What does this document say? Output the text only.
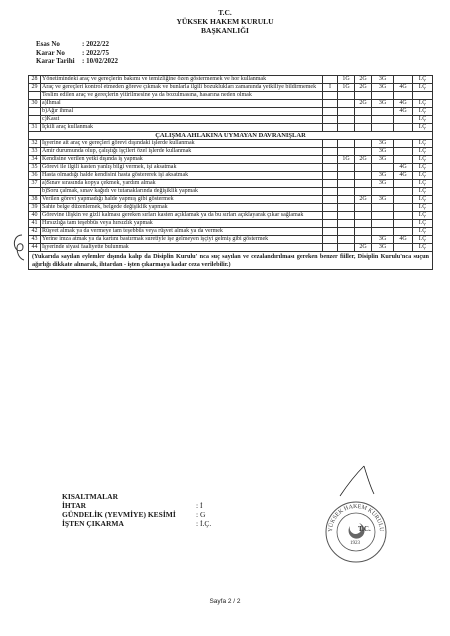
T.C.
YÜKSEK HAKEM KURULU
BAŞKANLIĞI
Esas No	: 2022/22
Karar No	: 2022/75
Karar Tarihi	: 10/02/2022
28	Yönetimindeki araç ve gereçlerin bakımı ve temizliğine özen göstermemek ve hor kullanmak		1G	2G	3G		İ.Ç
29	Araç ve gereçleri kontrol etmeden göreve çıkmak ve bunlarla ilgili bozuklukları zamanında yetkiliye bildirmemek	İ	1G	2G	3G	4G	İ.Ç
	Teslim edilen araç ve gereçlerin yitirilmesine ya da bozulmasına, hasarına neden olmak						
30	a)İhmal			2G	3G	4G	İ.Ç
	b)Ağır ihmal					4G	İ.Ç
	c)Kasıt						İ.Ç
31	İçkili araç kullanmak						İ.Ç
ÇALIŞMA AHLAKINA UYMAYAN DAVRANIŞLAR							
32	İşyerine ait araç ve gereçleri görevi dışındaki işlerde kullanmak				3G		İ.Ç
33	Amir durumunda olup, çalıştığı işçileri özel işlerde kullanmak				3G		İ.Ç
34	Kendisine verilen yetki dışında iş yapmak		1G	2G	3G		İ.Ç
35	Görevi ile ilgili kasten yanlış bilgi vermek, işi aksatmak					4G	İ.Ç
36	Hasta olmadığı halde kendisini hasta göstererek işi aksatmak				3G	4G	İ.Ç
37	a)Sınav sırasında kopya çekmek, yardım almak				3G		İ.Ç
	b)Soru çalmak, sınav kağıdı ve tutanaklarında değişiklik yapmak						İ.Ç
38	Verilen görevi yapmadığı halde yapmış gibi göstermek			2G	3G		İ.Ç
39	Sahte belge düzenlemek, belgede değişiklik yapmak						İ.Ç
40	Görevine ilişkin ve gizli kalması gereken sırları kasten açıklamak ya da bu sırları açıklayarak çıkar sağlamak						İ.Ç
41	Hırsızlığa tam teşebbüs veya hırsızlık yapmak						İ.Ç
42	Rüşvet almak ya da vermeye tam teşebbüs veya rüşvet almak ya da vermek						İ.Ç
43	Yerine imza atmak ya da kartını bastırmak suretiyle işe gelmeyen işçiyi gelmiş gibi göstermek				3G	4G	İ.Ç
44	İşyerinde siyasi faaliyette bulunmak			2G	3G		İ.Ç
(Yukarıda sayılan eylemler dışında kalıp da Disiplin Kurulu' nca suç sayılan ve cezalandırılması gereken benzer fiiller, Disiplin Kurulu'nca suçun ağırlığı dikkate alınarak, ihtardan - işten çıkarmaya kadar ceza verilebilir.)							
KISALTMALAR
İHTAR	: İ
GÜNDELİK (YEVMİYE) KESİMİ	: G
İŞTEN ÇIKARMA	: İ.Ç.
YÜKSEK HAKEM KURULU
T.C.
1923
Sayfa 2 / 2
